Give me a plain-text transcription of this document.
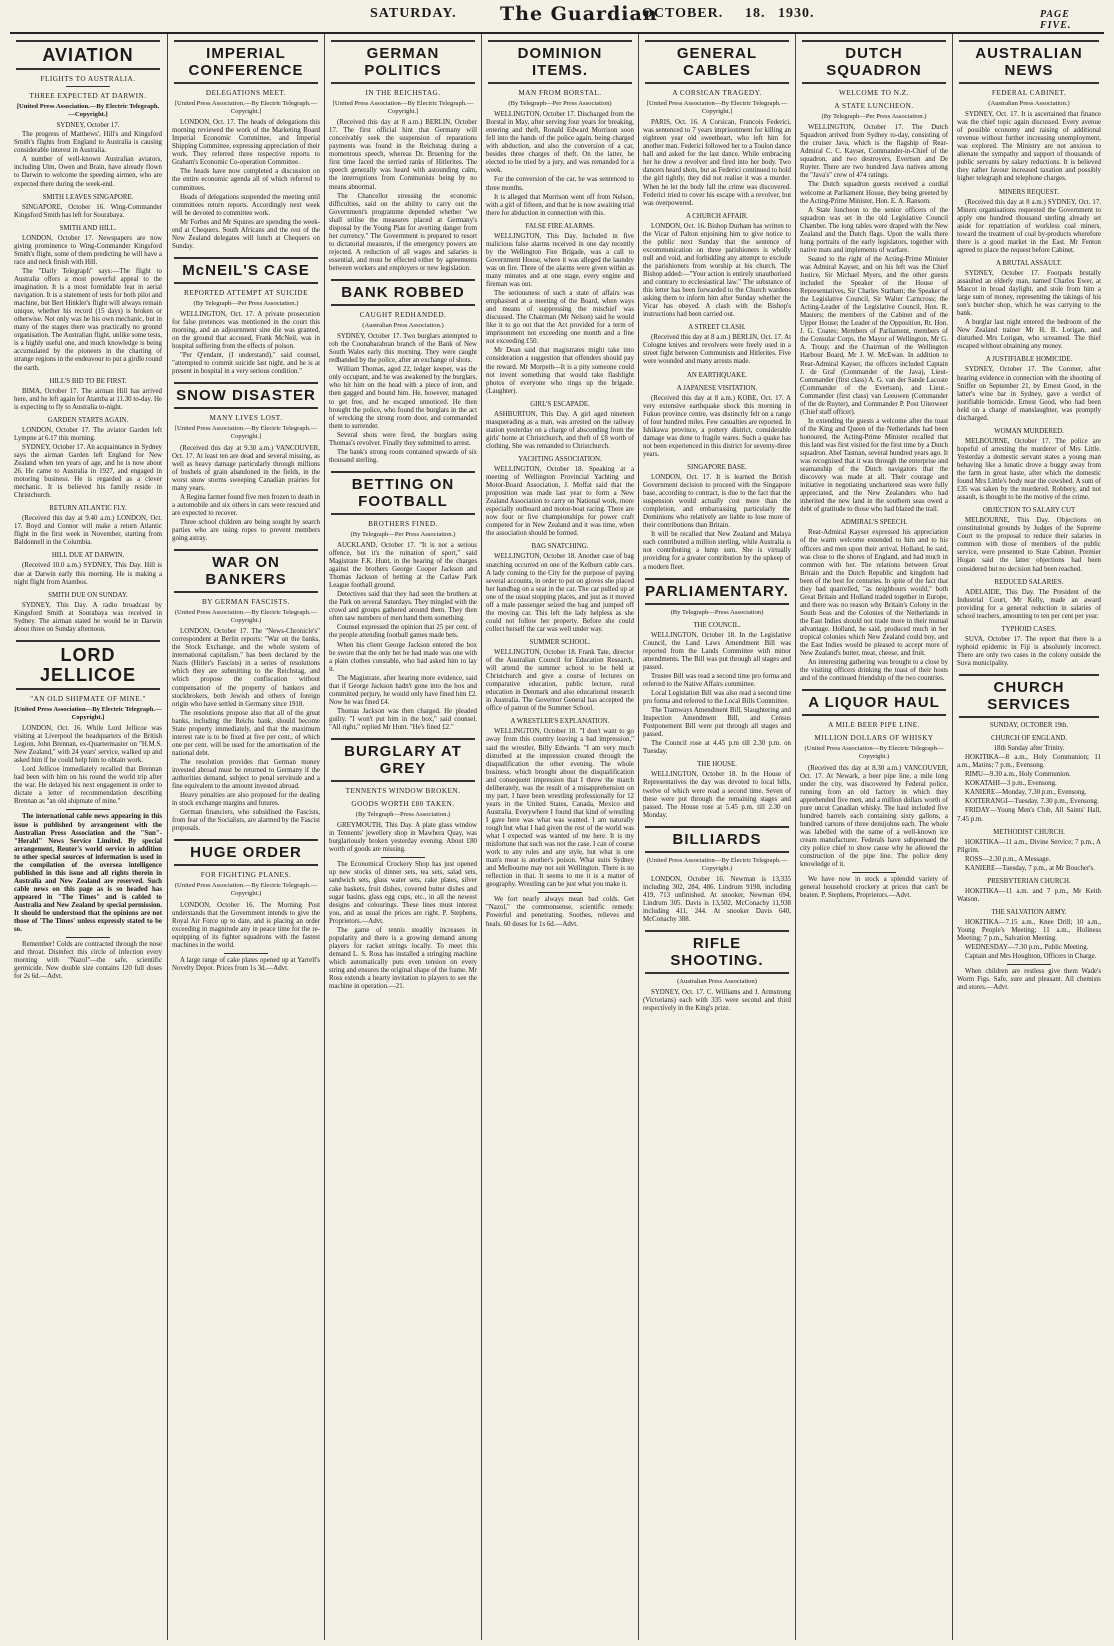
SATURDAY. The Guardian
OCTOBER. 18. 1930.	PAGE FIVE.
AVIATION
FLIGHTS TO AUSTRALIA.
THREE EXPECTED AT DARWIN.
[United Press Association.—By Electric Telegraph.—Copyright.]

SYDNEY, October 17.

The progress of Matthews', Hill's and Kingsford Smith's flights from England to Australia is causing considerable interest in Australia.

A number of well-known Australian aviators, including Ulm, Owen and Brain, have already flown to Darwin to welcome the speeding airmen, who are expected there during the week-end.

SMITH LEAVES SINGAPORE.

SINGAPORE, October 16. Wing-Commander Kingsford Smith has left for Sourabaya.

SMITH AND HILL.

LONDON, October 17. Newspapers are now giving prominence to Wing-Commander Kingsford Smith's flight, some of them predicting he will have a race and neck finish with Hill.

The "Daily Telegraph" says:—The flight to Australia offers a most powerful appeal to the imagination. It is a most formidable feat in aerial navigation. It is a statement of tests for both pilot and machine, but Bert Hinkler's flight will always remain unique, whether his record (15 days) is broken or otherwise. Not only was he his own mechanic, but in many of the stages there was practically no ground organisation. The Australian flight, unlike some tests, is a highly useful one, and much knowledge is being accumulated by the pioneers in the charting of strange regions in the endeavour to put a girdle round the earth.

HILL'S BID TO BE FIRST.

BIMA, October 17. The airman Hill has arrived here, and he left again for Atamba at 11.30 to-day. He is expecting to fly to Australia to-night.

GARDEN STARTS AGAIN.

LONDON, October 17. The aviator Garden left Lympne at 6.17 this morning.

SYDNEY, October 17. An acquaintance in Sydney says the airman Garden left England for New Zealand when ten years of age, and he is now about 26. He came to Australia in 1927, and engaged in motoring business. He is regarded as a clever mechanic. It is believed his family reside in Christchurch.

RETURN ATLANTIC FLY.

(Received this day at 9.40 a.m.) LONDON, Oct. 17. Boyd and Connor will make a return Atlantic flight in the first week in November, starting from Baldonnell in the Columbia.

HILL DUE AT DARWIN.

(Received 10.0 a.m.) SYDNEY, This Day. Hill is due at Darwin early this morning. He is making a night flight from Atambos.

SMITH DUE ON SUNDAY.

SYDNEY, This Day. A radio broadcast by Kingsford Smith at Sourabaya was received in Sydney. The airman stated he would be in Darwin about three on Sunday afternoon.

LORD JELLICOE
"AN OLD SHIPMATE OF MINE."
[United Press Association—By Electric Telegraph.—Copyright.]

LONDON, Oct. 16. While Lord Jellicoe was visiting at Liverpool the headquarters of the British Legion, John Brennan, ex-Quartermaster on "H.M.S. New Zealand," with 24 years' service, walked up and asked him if he could help him to obtain work.

Lord Jellicoe immediately recalled that Brennan had been with him on his round the world trip after the war. He delayed his next engagement in order to dictate a letter of recommendation describing Brennan as "an old shipmate of mine."

The international cable news appearing in this issue is published by arrangement with the Australian Press Association and the "Sun"-"Herald" News Service Limited. By special arrangement, Reuter's world service in addition to other special sources of information is used in the compilation of the oversea intelligence published in this issue and all rights therein in Australia and New Zealand are reserved. Such cable news on this page as is so headed has appeared in "The Times" and is cabled to Australia and New Zealand by special permission. It should be understood that the opinions are not those of 'The Times' unless expressly stated to be so.

Remember! Colds are contracted through the nose and throat. Disinfect this circle of infection every morning with "Nazol"—the safe, scientific germicide. New double size contains 120 full doses for 2s 6d.—Advt.

IMPERIAL CONFERENCE
DELEGATIONS MEET.
[United Press Association.—By Electric Telegraph.—Copyright.]

LONDON, Oct. 17. The heads of delegations this morning reviewed the work of the Marketing Board Imperial Economic Committee, and Imperial Shipping Committee, expressing appreciation of their work. They referred three respective reports to Graham's Economic Co-operation Committee.

The heads have now completed a discussion on the entire economic agenda all of which referred to committees.

Heads of delegations suspended the meeting until committees return reports. Accordingly next week will be devoted to committee work.

Mr Forbes and Mr Squires are spending the week-end at Chequers. South Africans and the rest of the New Zealand delegates will lunch at Chequers on Sunday.

McNEIL'S CASE
REPORTED ATTEMPT AT SUICIDE
(By Telegraph—Per Press Association.)

WELLINGTON, Oct. 17. A private prosecution for false pretences was mentioned in the court this morning, and an adjournment sine die was granted, on the ground that accused, Frank McNeil, was in hospital suffering from the effects of poison.

"Per Q'endant, (I understand)," said counsel, "attempted to commit suicide last night, and he is at present in hospital in a very serious condition."

SNOW DISASTER
MANY LIVES LOST.
[United Press Association.—By Electric Telegraph.—Copyright.]

(Received this day at 9.30 a.m.) VANCOUVER, Oct. 17. At least ten are dead and several missing, as well as heavy damage particularly through millions of bushels of grain abandoned in the fields, in the worst snow storms sweeping Canadian prairies for many years.

A Regina farmer found five men frozen to death in a automobile and six others in cars were rescued and are expected to recover.

Three school children are being sought by search parties who are using ropes to prevent members going astray.

WAR ON BANKERS
BY GERMAN FASCISTS.
(United Press Association.—By Electric Telegraph.—Copyright.)

LONDON, October 17. The "News-Chronicle's" correspondent at Berlin reports: "War on the banks, the Stock Exchange, and the whole system of international capitalism," has been declared by the Nazis (Hitler's Fascists) in a series of resolutions which they are submitting to the Reichstag, and which propose the confiscation without compensation of the property of bankers and stockbrokers, both Jewish and others of foreign origin who have settled in Germany since 1918.

The resolutions propose also that all of the great banks, including the Reichs bank, should become State property immediately, and that the maximum interest rate is to be fixed at five per cent., of which one per cent. will be used for the amortisation of the national debt.

The resolution provides that German money invested abroad must be returned to Germany if the authorities demand, subject to penal servitude and a fine equivalent to the amount invested abroad.

Heavy penalties are also proposed for the dealing in stock exchange margins and futures.

German financiers, who subsidised the Fascists, from fear of the Socialists, are alarmed by the Fascist proposals.

HUGE ORDER
FOR FIGHTING PLANES.
(United Press Association.—By Electric Telegraph.—Copyright.)

LONDON, October 16. The Morning Post understands that the Government intends to give the Royal Air Force up to date, and is placing an order exceeding in magnitude any in peace time for the re-equipping of its fighter squadrons with the fastest machines in the world.

A large range of cake plates opened up at Yarrell's Novelty Depot. Prices from 1s 3d.—Advt.

GERMAN POLITICS
IN THE REICHSTAG.
[United Press Association—By Electric Telegraph.—Copyright.]

(Received this day at 8 a.m.) BERLIN, October 17. The first official hint that Germany will conceivably seek the suspension of reparations payments was found in the Reichstag during a momentous speech, whereas Dr. Bruening for the first time faced the serried ranks of Hitlerites. The speech generally was heard with astounding calm, the interruptions from Communists being by no means abnormal.

The Chancellor stressing the economic difficulties, said on the ability to carry out the Government's programme depended whether "we shall utilise the measures placed at Germany's disposal by the Young Plan for averting danger from her currency." The Government is prepared to resort to dictatorial measures, if the emergency powers are rejected. A reduction of all wages and salaries is essential, and must be effected either by agreements between workers and employers or new legislation.

BANK ROBBED
CAUGHT REDHANDED.
(Australian Press Association.)

SYDNEY, October 17. Two burglars attempted to rob the Coonabarabran branch of the Bank of New South Wales early this morning. They were caught redhanded by the police, after an exchange of shots.

William Thomas, aged 22, ledger keeper, was the only occupant, and he was awakened by the burglars, who hit him on the head with a piece of iron, and then gagged and bound him. He, however, managed to get free, and he escaped unnoticed. He then brought the police, who found the burglars in the act of wrecking the strong room door, and commanded them to surrender.

Several shots were fired, the burglars using Thomas's revolver. Finally they submitted to arrest.

The bank's strong room contained upwards of six thousand sterling.

BETTING ON FOOTBALL
BROTHERS FINED.
(By Telegraph—Per Press Association.)

AUCKLAND, October 17. "It is not a serious offence, but it's the ruination of sport," said Magistrate F.K. Hunt, in the hearing of the charges against the brothers George Cooper Jackson and Thomas Jackson of betting at the Carlaw Park League football ground.

Detectives said that they had seen the brothers at the Park on several Saturdays. They mingled with the crowd and groups gathered around them. They then often saw numbers of men hand them something.

Counsel expressed the opinion that 25 per cent. of the people attending football games made bets.

When his client George Jackson entered the box he swore that the only bet he had made was one with a plain clothes constable, who had asked him to lay it.

The Magistrate, after hearing more evidence, said that if George Jackson hadn't gone into the box and committed perjury, he would only have fined him £2. Now he was fined £4.

Thomas Jackson was then charged. He pleaded guilty. "I won't put him in the box," said counsel. "All right," replied Mr Hunt. "He's fined £2."

BURGLARY AT GREY
TENNENTS WINDOW BROKEN.
GOODS WORTH £80 TAKEN.
(By Telegraph—Press Association.)

GREYMOUTH, This Day. A plate glass window in Tennents' jewellery shop in Mawhera Quay, was burglariously broken yesterday evening. About £80 worth of goods are missing.

The Economical Crockery Shop has just opened up new stocks of dinner sets, tea sets, salad sets, sandwich sets, glass water sets, cake plates, silver cake baskets, fruit dishes, covered butter dishes and sugar basins, glass egg cups, etc., in all the newest designs and colourings. These lines must interest you, and as usual the prices are right. P. Stephens, Proprietors.—Advt.

The game of tennis steadily increases in popularity and there is a growing demand among players for racket strings locally. To meet this demand L. S. Ross has installed a stringing machine which automatically puts even tension on every string and ensures the original shape of the frame. Mr Ross extends a hearty invitation to players to see the machine in operation.—21.

DOMINION ITEMS.
MAN FROM BORSTAL.
(By Telegraph—Per Press Association)

WELLINGTON, October 17. Discharged from the Borstal in May, after serving four years for breaking, entering and theft, Ronald Edward Morrison soon fell into the hands of the police again, being charged with abduction, and also the conversion of a car, besides three charges of theft. On the latter, he elected to be tried by a jury, and was remanded for a week.

For the conversion of the car, he was sentenced to three months.

It is alleged that Morrison went off from Nelson, with a girl of fifteen, and that he is now awaiting trial there for abduction in connection with this.

FALSE FIRE ALARMS.

WELLINGTON, This Day. Included in five malicious false alarms received in one day recently by the Wellington Fire Brigade, was a call to Government House, where it was alleged the laundry was on fire. Three of the alarms were given within as many minutes and at one stage, every engine and fireman was out.

The seriousness of such a state of affairs was emphasised at a meeting of the Board, when ways and means of suppressing the mischief was discussed. The Chairman (Mr Nelson) said he would like it to go out that the Act provided for a term of imprisonment not exceeding one month and a fine not exceeding £50.

Mr Dean said that magistrates might take into consideration a suggestion that offenders should pay the reward. Mr Morpeth—It is a pity someone could not invent something that would take flashlight photos of everyone who rings up the brigade. (Laughter).

GIRL'S ESCAPADE.

ASHBURTON, This Day. A girl aged nineteen masquerading as a man, was arrested on the railway station yesterday on a charge of absconding from the girls' home at Christchurch, and theft of £8 worth of clothing. She was remanded to Christchurch.

YACHTING ASSOCIATION.

WELLINGTON, October 18. Speaking at a meeting of Wellington Provincial Yachting and Motor-Board Association, J. Moffat said that the proposition was made last year to form a New Zealand Association to carry on National work, more especially outboard and motor-boat racing. There are now four or five championships for power craft competed for in New Zealand and it was time, when the association should be formed.

BAG SNATCHING.

WELLINGTON, October 18. Another case of bag snatching occurred on one of the Kelburn cable cars. A lady coming to the City for the purpose of paying several accounts, in order to put on gloves she placed her handbag on a seat in the car. The car pulled up at one of the usual stopping places, and just as it moved off a male passenger seized the bag and jumped off the moving car. This left the lady helpless as she could not follow her property. Before she could collect herself the car was well under way.

SUMMER SCHOOL.

WELLINGTON, October 18. Frank Tate, director of the Australian Council for Education Research, will attend the summer school to be held at Christchurch and give a course of lectures on comparative education, public lecture, rural education in Denmark and also educational research in Australia. The Governor General has accepted the office of patron of the Summer School.

A WRESTLER'S EXPLANATION.

WELLINGTON, October 18. "I don't want to go away from this country leaving a bad impression," said the wrestler, Billy Edwards. "I am very much disturbed at the impression created through the disqualification the other evening. The whole business, which brought about the disqualification and consequent impression that I threw the match deliberately, was the result of a misapprehension on my part. I have been wrestling professionally for 12 years in the United States, Canada, Mexico and Australia. Everywhere I found that kind of wrestling I gave here was what was wanted. I am naturally rough but what I had given the rest of the world was what I expected was wanted of me here. It is my misfortune that such was not the case. I can of course work to any rules and any style, but what is one man's meat is another's poison. What suits Sydney and Melbourne may not suit Wellington. There is no reflection in that. It seems to me it is a matter of geography. Wrestling can be just what you make it.

We fort nearly always mean bad colds. Get "Nazol," the commonsense, scientific remedy. Powerful and penetrating. Soothes, relieves and heals. 60 doses for 1s 6d.—Advt.

GENERAL CABLES
A CORSICAN TRAGEDY.
[United Press Association—By Electric Telegraph.—Copyright.]

PARIS, Oct. 16. A Corsican, Francois Federici, was sentenced to 7 years imprisonment for killing an eighteen year old sweetheart, who left him for another man. Federici followed her to a Toulon dance hall and asked for the last dance. While embracing her he drew a revolver and fired into her body. Two dancers heard shots, but as Federici continued to hold the girl tightly, they did not realise it was a murder. When he let the body fall the crime was discovered. Federici tried to cover his escape with a revolver, but was overpowered.

A CHURCH AFFAIR.

LONDON, Oct. 16. Bishop Durham has written to the Vicar of Palton enjoining him to give notice to the public next Sunday that the sentence of excommunication on three parishioners is wholly null and void, and forbidding any attempt to exclude the parishioners from worship at his church. The Bishop added:—"Your action is entirely unauthorised and contrary to ecclesiastical law." The substance of this letter has been forwarded to the Church wardens asking them to inform him after Sunday whether the Vicar has obeyed. A clash with the Bishop's instructions had been carried out.

A STREET CLASH.

(Received this day at 8 a.m.) BERLIN, Oct. 17. At Cologne knives and revolvers were freely used in a street fight between Communists and Hitlerites. Five were wounded and many arrests made.

AN EARTHQUAKE.
A JAPANESE VISITATION.

(Received this day at 8 a.m.) KOBE, Oct. 17. A very extensive earthquake shock this morning in Fukuo province centre, was distinctly felt on a range of four hundred miles. Few casualties are reported. In Ishikawa province, a pottery district, considerable damage was done to fragile wares. Such a quake has not been experienced in this district for seventy-three years.

SINGAPORE BASE.

LONDON, Oct. 17. It is learned the British Government decision to proceed with the Singapore base, according to contract, is due to the fact that the suspension would actually cost more than the completion, and embarrassing particularly the Dominions who relatively are liable to lose more of their contributions than Britain.

It will be recalled that New Zealand and Malaya each contributed a million sterling, while Australia is not contributing a lump sum. She is virtually providing for a greater contribution by the upkeep of a modern fleet.

PARLIAMENTARY.
(By Telegraph—Press Association)
THE COUNCIL.

WELLINGTON, October 18. In the Legislative Council, the Land Laws Amendment Bill was reported from the Lands Committee with minor amendments. The Bill was put through all stages and passed.

Trustee Bill was read a second time pro forma and referred to the Native Affairs committee.

Local Legislation Bill was also read a second time pro forma and referred to the Local Bills Committee.

The Tramways Amendment Bill, Slaughtering and Inspection Amendment Bill, and Census Postponement Bill were put through all stages and passed.

The Council rose at 4.45 p.m till 2.30 p.m. on Tuesday.

THE HOUSE.

WELLINGTON, October 18. In the House of Representatives the day was devoted to local bills, twelve of which were read a second time. Seven of these were put through the remaining stages and passed. The House rose at 5.45 p.m. till 2.30 on Monday.

BILLIARDS
(United Press Association—By Electric Telegraph.—Copyright.)

LONDON, October 16. Newman is 13,335 including 302, 284, 486. Lindrum 9198, including 419, 713 unfinished. At snooker, Newman 694, Lindrum 305. Davis is 13,502, McConachy 11,938 including 411, 244. At snooker Davis 640, McConachy 388.

RIFLE SHOOTING.
(Australian Press Association)

SYDNEY, Oct. 17. C. Williams and J. Armstrong (Victorians) each with 335 were second and third respectively in the King's prize.

DUTCH SQUADRON
WELCOME TO N.Z.
A STATE LUNCHEON.
(By Telegraph—Per Press Association.)

WELLINGTON, October 17. The Dutch Squadron arrived from Sydney to-day, consisting of the cruiser Java, which is the flagship of Rear-Admiral C. C. Kayser, Commander-in-Chief of the squadron, and two destroyers, Evertsen and De Ruyter. There are two hundred Java natives among the "Java's" crew of 474 ratings.

The Dutch squadron guests received a cordial welcome at Parliament House, they being greeted by the Acting-Prime Minister, Hon. E. A. Ransom.

A State luncheon to the senior officers of the squadron was set in the old Legislative Council Chamber. The long tables were draped with the New Zealand and the Dutch flags. Upon the walls there hung portraits of the early legislators, together with native mats and implements of warfare.

Seated to the right of the Acting-Prime Minister was Admiral Kayser, and on his left was the Chief Justice, Sir Michael Myers, and the other guests included the Speaker of the House of Representatives, Sir Charles Statham; the Speaker of the Legislative Council, Sir Walter Carncross; the Acting-Leader of the Legislative Council, Hon. R. Masters; the members of the Cabinet and of the Upper House; the Leader of the Opposition, Rt. Hon. J. G. Coates; Members of Parliament, members of the Consular Corps, the Mayor of Wellington, Mr G. A. Troup; and the Chairman of the Wellington Harbour Board, Mr J. W. McEwan. In addition to Rear-Admiral Kayser, the officers included Captain J. de Graf (Commander of the Java), Lieut-Commander (first class) A. G. van der Sande Lacoste (Commander of the Evertsen), and Lieut.-Commander (first class) van Leeuwen (Commander of the de Ruyter), and Commander P. Post Uiterweer (Chief staff officer).

In extending the guests a welcome after the toast of the King and Queen of the Netherlands had been honoured, the Acting-Prime Minister recalled that this land was first visited for the first time by a Dutch squadron. Abel Tasman, several hundred years ago. It was recognised that it was through the enterprise and seamanship of the Dutch navigators that the discovery was made at all. Their courage and initiative in negotiating unchartered seas were fully appreciated, and the New Zealanders who had inherited the new land in the southern seas owed a debt of gratitude to those who had blazed the trail.

ADMIRAL'S SPEECH.

Rear-Admiral Kayser expressed his appreciation of the warm welcome extended to him and to his officers and men upon their arrival. Holland, he said, was close to the shores of England, and had much in common with her. The relations between Great Britain and the Dutch Republic and kingdom had been of the best for centuries. In spite of the fact that they had quarrelled, "as neighbours would," both Great Britain and Holland traded together in Europe, and there was no reason why Britain's Colony in the South Seas and the Colonies of the Netherlands in the East Indies should not trade more in their mutual advantage. Holland, he said, produced much in her tropical colonies which New Zealand could buy, and the East Indies would be pleased to accept more of New Zealand's butter, meat, cheese, and fruit.

An interesting gathering was brought to a close by the visiting officers drinking the toast of their hosts and of the continued friendship of the two countries.

A LIQUOR HAUL
A MILE BEER PIPE LINE.
MILLION DOLLARS OF WHISKY
(United Press Association—By Electric Telegraph—Copyright.)

(Received this day at 8.30 a.m.) VANCOUVER, Oct. 17. At Newark, a beer pipe line, a mile long under the city, was discovered by Federal police, running from an old factory in which they apprehended five men, and a million dollars worth of pure uncut Canadian whisky. The haul included five hundred barrels each containing sixty gallons, a hundred cartons of three demijohns each. The whole was labelled with the name of a well-known ice cream manufacturer. Federals have subpoenaed the city police chief to show cause why he allowed the construction of the pipe line. The police deny knowledge of it.

We have now in stock a splendid variety of general household crockery at prices that can't be beaten. P. Stephens, Proprietors.—Advt.

AUSTRALIAN NEWS
FEDERAL CABINET.
(Australian Press Association.)

SYDNEY, Oct. 17. It is ascertained that finance was the chief topic again discussed. Every avenue of possible economy and raising of additional revenue without further increasing unemployment, was explored. The Ministry are not anxious to alienate the sympathy and support of thousands of public servants by salary reductions. It is believed they rather favour increased taxation and possibly higher telegraph and telephone charges.

MINERS REQUEST.

(Received this day at 8 a.m.) SYDNEY, Oct. 17. Miners organisations requested the Government to apply one hundred thousand sterling already set aside for repatriation of workless coal miners, toward the treatment of coal by-products wherefore there is a good market in the East. Mr Fenton agreed to place the request before Cabinet.

A BRUTAL ASSAULT.

SYDNEY, October 17. Footpads brutally assaulted an elderly man, named Charles Ewer, at Mascot in broad daylight, and stole from him a large sum of money, representing the takings of his son's butcher shop, which he was carrying to the bank.

A burglar last night entered the bedroom of the New Zealand trainer Mr H. B. Lorigan, and disturbed Mrs Lorigan, who screamed. The thief escaped without obtaining any money.

A JUSTIFIABLE HOMICIDE.

SYDNEY, October 17. The Coroner, after hearing evidence in connection with the shooting of Sniffer on September 21, by Ernest Good, in the latter's wine bar in Sydney, gave a verdict of justifiable homicide. Ernest Good, who had been held on a charge of manslaughter, was promptly discharged.

WOMAN MURDERED.

MELBOURNE, October 17. The police are hopeful of arresting the murderer of Mrs Little. Yesterday a domestic servant states a young man behaving like a lunatic drove a buggy away from the farm in great haste, after which the domestic found Mrs Little's body near the cowshed. A sum of £35 was taken by the murdered. Robbery, and not assault, is thought to be the motive of the crime.

OBJECTION TO SALARY CUT

MELBOURNE, This Day. Objections on constitutional grounds by Judges of the Supreme Court to the proposal to reduce their salaries in common with those of members of the public service, were presented to State Cabinet. Premier Hogan said the latter objections had been considered but no decision had been reached.

REDUCED SALARIES.

ADELAIDE, This Day. The President of the Industrial Court, Mr Kelly, made an award providing for a general reduction in salaries of school teachers, amounting to ten per cent per year.

TYPHOID CASES.

SUVA, October 17. The report that there is a typhoid epidemic in Fiji is absolutely incorrect. There are only two cases in the colony outside the Suva municipality.

CHURCH SERVICES

SUNDAY, OCTOBER 19th.

CHURCH OF ENGLAND.

18th Sunday after Trinity.

HOKITIKA—8 a.m., Holy Communion; 11 a.m., Matins; 7 p.m., Evensong.

RIMU—9.30 a.m., Holy Communion.

KOKATAHI—3 p.m., Evensong.

KANIERE—Monday, 7.30 p.m., Evensong.

KOITERANGI—Tuesday, 7.30 p.m., Evensong.

FRIDAY—Young Men's Club, All Saints' Hall, 7.45 p.m.

METHODIST CHURCH.

HOKITIKA—11 a.m., Divine Service; 7 p.m., A Pilgrim.

ROSS—2.30 p.m., A Message.

KANIERE—Tuesday, 7 p.m., at Mr Boucher's.

PRESBYTERIAN CHURCH.

HOKITIKA—11 a.m. and 7 p.m., Mr Keith Watson.

THE SALVATION ARMY.

HOKITIKA—7.15 a.m., Knee Drill; 10 a.m., Young People's Meeting; 11 a.m., Holiness Meeting; 7 p.m., Salvation Meeting.

WEDNESDAY—7.30 p.m., Public Meeting.

Captain and Mrs Houghton, Officers in Charge.

When children are restless give them Wade's Worm Figs. Safe, sure and pleasant. All chemists and stores.—Advt.
